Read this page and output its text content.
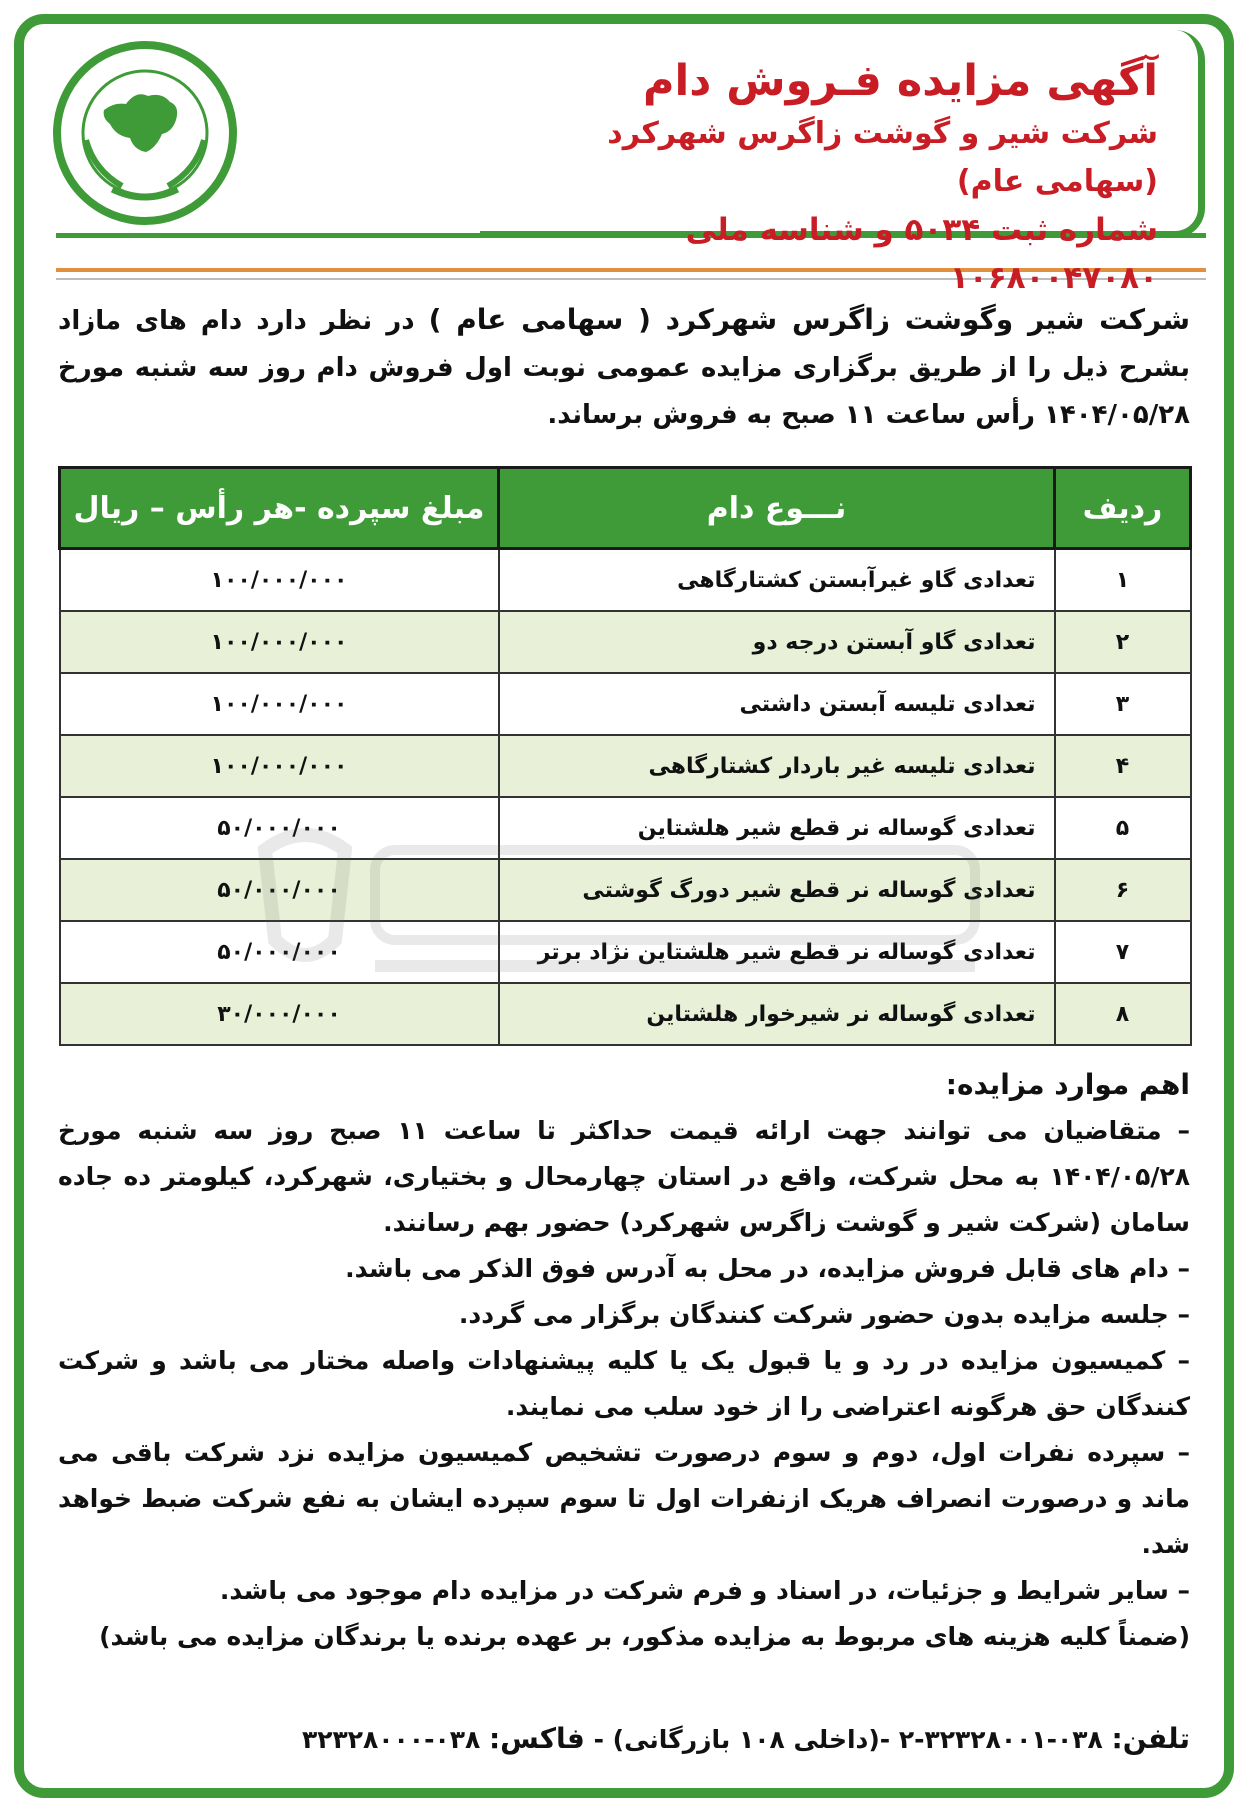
آگهی مزایده فـروش دام
شرکت شیر و گوشت زاگرس شهرکرد (سهامی عام)
شماره ثبت ۵۰۳۴ و شناسه ملی ۱۰۶۸۰۰۴۷۰۸۰
شرکت شیر وگوشت زاگرس شهرکرد ( سهامی عام ) در نظر دارد دام های مازاد بشرح ذیل را از طریق برگزاری مزایده عمومی نوبت اول فروش دام روز سه شنبه مورخ ۱۴۰۴/۰۵/۲۸ رأس ساعت ۱۱ صبح به فروش برساند.
ردیف	نـــوع دام	مبلغ سپرده -هر رأس – ریال
۱	تعدادی گاو غیرآبستن کشتارگاهی	۱۰۰/۰۰۰/۰۰۰
۲	تعدادی گاو آبستن درجه دو	۱۰۰/۰۰۰/۰۰۰
۳	تعدادی تلیسه آبستن داشتی	۱۰۰/۰۰۰/۰۰۰
۴	تعدادی تلیسه غیر باردار کشتارگاهی	۱۰۰/۰۰۰/۰۰۰
۵	تعدادی گوساله نر قطع شیر هلشتاین	۵۰/۰۰۰/۰۰۰
۶	تعدادی گوساله نر قطع شیر دورگ گوشتی	۵۰/۰۰۰/۰۰۰
۷	تعدادی گوساله نر قطع شیر هلشتاین نژاد برتر	۵۰/۰۰۰/۰۰۰
۸	تعدادی گوساله نر شیرخوار هلشتاین	۳۰/۰۰۰/۰۰۰
اهم موارد مزایده:

– متقاضیان می توانند جهت ارائه قیمت حداکثر تا ساعت ۱۱ صبح روز سه شنبه مورخ ۱۴۰۴/۰۵/۲۸ به محل شرکت، واقع در استان چهارمحال و بختیاری، شهرکرد، کیلومتر ده جاده سامان (شرکت شیر و گوشت زاگرس شهرکرد) حضور بهم رسانند.

– دام های قابل فروش مزایده، در محل به آدرس فوق الذکر می باشد.

– جلسه مزایده بدون حضور شرکت کنندگان برگزار می گردد.

– کمیسیون مزایده در رد و یا قبول یک یا کلیه پیشنهادات واصله مختار می باشد و شرکت کنندگان حق هرگونه اعتراضی را از خود سلب می نمایند.

– سپرده نفرات اول، دوم و سوم درصورت تشخیص کمیسیون مزایده نزد شرکت باقی می ماند و درصورت انصراف هریک ازنفرات اول تا سوم سپرده ایشان به نفع شرکت ضبط خواهد شد.

– سایر شرایط و جزئیات، در اسناد و فرم شرکت در مزایده دام موجود می باشد.

(ضمناً کلیه هزینه های مربوط به مزایده مذکور، بر عهده برنده یا برندگان مزایده می باشد)

تلفن: ۰۳۸-۳۲۳۲۸۰۰۱-۲ -(داخلی ۱۰۸ بازرگانی) - فاکس: ۰۳۸-۳۲۳۲۸۰۰۰
